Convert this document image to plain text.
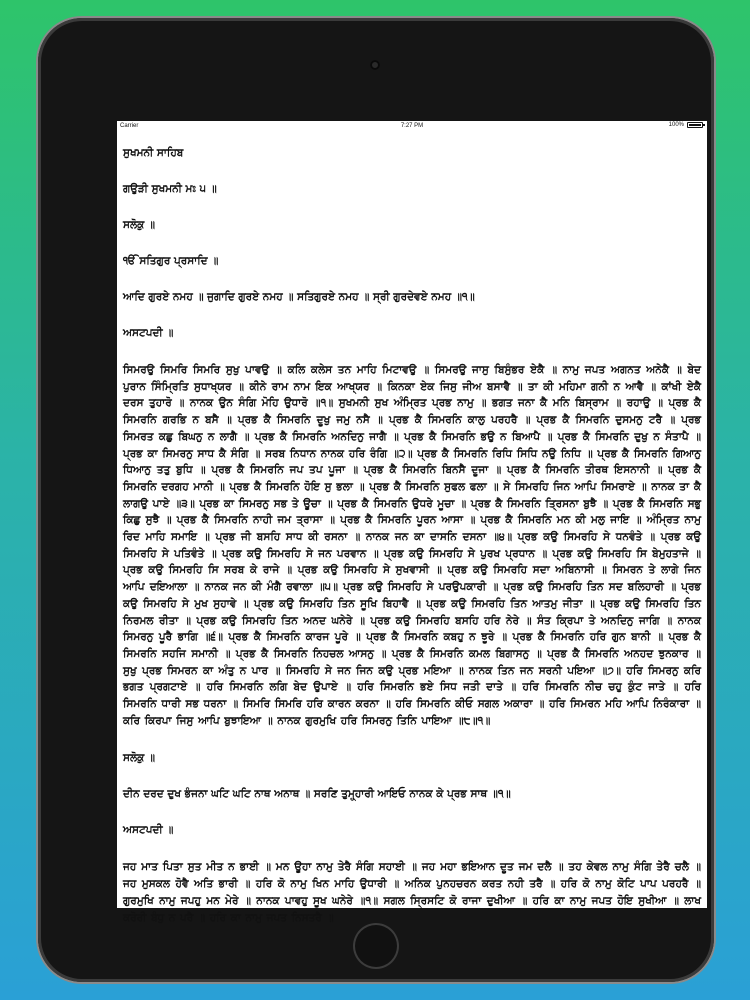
Carrier	7:27 PM	100%
ਸੁਖਮਨੀ ਸਾਹਿਬ
ਗਉੜੀ ਸੁਖਮਨੀ ਮਃ ੫ ॥
ਸਲੋਕੁ ॥
ੴ ਸਤਿਗੁਰ ਪ੍ਰਸਾਦਿ ॥
ਆਦਿ ਗੁਰਏ ਨਮਹ ॥ ਜੁਗਾਦਿ ਗੁਰਏ ਨਮਹ ॥ ਸਤਿਗੁਰਏ ਨਮਹ ॥ ਸ੍ਰੀ ਗੁਰਦੇਵਏ ਨਮਹ ॥੧॥
ਅਸਟਪਦੀ ॥
ਸਿਮਰਉ ਸਿਮਰਿ ਸਿਮਰਿ ਸੁਖੁ ਪਾਵਉ ॥ ਕਲਿ ਕਲੇਸ ਤਨ ਮਾਹਿ ਮਿਟਾਵਉ ॥ ਸਿਮਰਉ ਜਾਸੁ ਬਿਸੁੰਭਰ ਏਕੈ ॥ ਨਾਮੁ ਜਪਤ ਅਗਨਤ ਅਨੇਕੈ ॥ ਬੇਦ ਪੁਰਾਨ ਸਿੰਮ੍ਰਿਤਿ ਸੁਧਾਖ੍ਯਰ ॥ ਕੀਨੇ ਰਾਮ ਨਾਮ ਇਕ ਆਖ੍ਯਰ ॥ ਕਿਨਕਾ ਏਕ ਜਿਸੁ ਜੀਅ ਬਸਾਵੈ ॥ ਤਾ ਕੀ ਮਹਿਮਾ ਗਨੀ ਨ ਆਵੈ ॥ ਕਾਂਖੀ ਏਕੈ ਦਰਸ ਤੁਹਾਰੋ ॥ ਨਾਨਕ ਉਨ ਸੰਗਿ ਮੋਹਿ ਉਧਾਰੋ ॥੧॥ ਸੁਖਮਨੀ ਸੁਖ ਅੰਮ੍ਰਿਤ ਪ੍ਰਭ ਨਾਮੁ ॥ ਭਗਤ ਜਨਾ ਕੈ ਮਨਿ ਬਿਸ੍ਰਾਮ ॥ ਰਹਾਉ ॥ ਪ੍ਰਭ ਕੈ ਸਿਮਰਨਿ ਗਰਭਿ ਨ ਬਸੈ ॥ ਪ੍ਰਭ ਕੈ ਸਿਮਰਨਿ ਦੂਖੁ ਜਮੁ ਨਸੈ ॥ ਪ੍ਰਭ ਕੈ ਸਿਮਰਨਿ ਕਾਲੁ ਪਰਹਰੈ ॥ ਪ੍ਰਭ ਕੈ ਸਿਮਰਨਿ ਦੁਸਮਨੁ ਟਰੈ ॥ ਪ੍ਰਭ ਸਿਮਰਤ ਕਛੁ ਬਿਘਨੁ ਨ ਲਾਗੈ ॥ ਪ੍ਰਭ ਕੈ ਸਿਮਰਨਿ ਅਨਦਿਨੁ ਜਾਗੈ ॥ ਪ੍ਰਭ ਕੈ ਸਿਮਰਨਿ ਭਉ ਨ ਬਿਆਪੈ ॥ ਪ੍ਰਭ ਕੈ ਸਿਮਰਨਿ ਦੁਖੁ ਨ ਸੰਤਾਪੈ ॥ ਪ੍ਰਭ ਕਾ ਸਿਮਰਨੁ ਸਾਧ ਕੈ ਸੰਗਿ ॥ ਸਰਬ ਨਿਧਾਨ ਨਾਨਕ ਹਰਿ ਰੰਗਿ ॥੨॥ ਪ੍ਰਭ ਕੈ ਸਿਮਰਨਿ ਰਿਧਿ ਸਿਧਿ ਨਉ ਨਿਧਿ ॥ ਪ੍ਰਭ ਕੈ ਸਿਮਰਨਿ ਗਿਆਨੁ ਧਿਆਨੁ ਤਤੁ ਬੁਧਿ ॥ ਪ੍ਰਭ ਕੈ ਸਿਮਰਨਿ ਜਪ ਤਪ ਪੂਜਾ ॥ ਪ੍ਰਭ ਕੈ ਸਿਮਰਨਿ ਬਿਨਸੈ ਦੂਜਾ ॥ ਪ੍ਰਭ ਕੈ ਸਿਮਰਨਿ ਤੀਰਥ ਇਸਨਾਨੀ ॥ ਪ੍ਰਭ ਕੈ ਸਿਮਰਨਿ ਦਰਗਹ ਮਾਨੀ ॥ ਪ੍ਰਭ ਕੈ ਸਿਮਰਨਿ ਹੋਇ ਸੁ ਭਲਾ ॥ ਪ੍ਰਭ ਕੈ ਸਿਮਰਨਿ ਸੁਫਲ ਫਲਾ ॥ ਸੇ ਸਿਮਰਹਿ ਜਿਨ ਆਪਿ ਸਿਮਰਾਏ ॥ ਨਾਨਕ ਤਾ ਕੈ ਲਾਗਉ ਪਾਏ ॥੩॥ ਪ੍ਰਭ ਕਾ ਸਿਮਰਨੁ ਸਭ ਤੇ ਊਚਾ ॥ ਪ੍ਰਭ ਕੈ ਸਿਮਰਨਿ ਉਧਰੇ ਮੂਚਾ ॥ ਪ੍ਰਭ ਕੈ ਸਿਮਰਨਿ ਤ੍ਰਿਸਨਾ ਬੁਝੈ ॥ ਪ੍ਰਭ ਕੈ ਸਿਮਰਨਿ ਸਭੁ ਕਿਛੁ ਸੁਝੈ ॥ ਪ੍ਰਭ ਕੈ ਸਿਮਰਨਿ ਨਾਹੀ ਜਮ ਤ੍ਰਾਸਾ ॥ ਪ੍ਰਭ ਕੈ ਸਿਮਰਨਿ ਪੂਰਨ ਆਸਾ ॥ ਪ੍ਰਭ ਕੈ ਸਿਮਰਨਿ ਮਨ ਕੀ ਮਲੁ ਜਾਇ ॥ ਅੰਮ੍ਰਿਤ ਨਾਮੁ ਰਿਦ ਮਾਹਿ ਸਮਾਇ ॥ ਪ੍ਰਭ ਜੀ ਬਸਹਿ ਸਾਧ ਕੀ ਰਸਨਾ ॥ ਨਾਨਕ ਜਨ ਕਾ ਦਾਸਨਿ ਦਸਨਾ ॥੪॥ ਪ੍ਰਭ ਕਉ ਸਿਮਰਹਿ ਸੇ ਧਨਵੰਤੇ ॥ ਪ੍ਰਭ ਕਉ ਸਿਮਰਹਿ ਸੇ ਪਤਿਵੰਤੇ ॥ ਪ੍ਰਭ ਕਉ ਸਿਮਰਹਿ ਸੇ ਜਨ ਪਰਵਾਨ ॥ ਪ੍ਰਭ ਕਉ ਸਿਮਰਹਿ ਸੇ ਪੁਰਖ ਪ੍ਰਧਾਨ ॥ ਪ੍ਰਭ ਕਉ ਸਿਮਰਹਿ ਸਿ ਬੇਮੁਹਤਾਜੇ ॥ ਪ੍ਰਭ ਕਉ ਸਿਮਰਹਿ ਸਿ ਸਰਬ ਕੇ ਰਾਜੇ ॥ ਪ੍ਰਭ ਕਉ ਸਿਮਰਹਿ ਸੇ ਸੁਖਵਾਸੀ ॥ ਪ੍ਰਭ ਕਉ ਸਿਮਰਹਿ ਸਦਾ ਅਬਿਨਾਸੀ ॥ ਸਿਮਰਨ ਤੇ ਲਾਗੇ ਜਿਨ ਆਪਿ ਦਇਆਲਾ ॥ ਨਾਨਕ ਜਨ ਕੀ ਮੰਗੈ ਰਵਾਲਾ ॥੫॥ ਪ੍ਰਭ ਕਉ ਸਿਮਰਹਿ ਸੇ ਪਰਉਪਕਾਰੀ ॥ ਪ੍ਰਭ ਕਉ ਸਿਮਰਹਿ ਤਿਨ ਸਦ ਬਲਿਹਾਰੀ ॥ ਪ੍ਰਭ ਕਉ ਸਿਮਰਹਿ ਸੇ ਮੁਖ ਸੁਹਾਵੇ ॥ ਪ੍ਰਭ ਕਉ ਸਿਮਰਹਿ ਤਿਨ ਸੂਖਿ ਬਿਹਾਵੈ ॥ ਪ੍ਰਭ ਕਉ ਸਿਮਰਹਿ ਤਿਨ ਆਤਮੁ ਜੀਤਾ ॥ ਪ੍ਰਭ ਕਉ ਸਿਮਰਹਿ ਤਿਨ ਨਿਰਮਲ ਰੀਤਾ ॥ ਪ੍ਰਭ ਕਉ ਸਿਮਰਹਿ ਤਿਨ ਅਨਦ ਘਨੇਰੇ ॥ ਪ੍ਰਭ ਕਉ ਸਿਮਰਹਿ ਬਸਹਿ ਹਰਿ ਨੇਰੇ ॥ ਸੰਤ ਕ੍ਰਿਪਾ ਤੇ ਅਨਦਿਨੁ ਜਾਗਿ ॥ ਨਾਨਕ ਸਿਮਰਨੁ ਪੂਰੈ ਭਾਗਿ ॥੬॥ ਪ੍ਰਭ ਕੈ ਸਿਮਰਨਿ ਕਾਰਜ ਪੂਰੇ ॥ ਪ੍ਰਭ ਕੈ ਸਿਮਰਨਿ ਕਬਹੁ ਨ ਝੂਰੇ ॥ ਪ੍ਰਭ ਕੈ ਸਿਮਰਨਿ ਹਰਿ ਗੁਨ ਬਾਨੀ ॥ ਪ੍ਰਭ ਕੈ ਸਿਮਰਨਿ ਸਹਜਿ ਸਮਾਨੀ ॥ ਪ੍ਰਭ ਕੈ ਸਿਮਰਨਿ ਨਿਹਚਲ ਆਸਨੁ ॥ ਪ੍ਰਭ ਕੈ ਸਿਮਰਨਿ ਕਮਲ ਬਿਗਾਸਨੁ ॥ ਪ੍ਰਭ ਕੈ ਸਿਮਰਨਿ ਅਨਹਦ ਝੁਨਕਾਰ ॥ ਸੁਖੁ ਪ੍ਰਭ ਸਿਮਰਨ ਕਾ ਅੰਤੁ ਨ ਪਾਰ ॥ ਸਿਮਰਹਿ ਸੇ ਜਨ ਜਿਨ ਕਉ ਪ੍ਰਭ ਮਇਆ ॥ ਨਾਨਕ ਤਿਨ ਜਨ ਸਰਨੀ ਪਇਆ ॥੭॥ ਹਰਿ ਸਿਮਰਨੁ ਕਰਿ ਭਗਤ ਪ੍ਰਗਟਾਏ ॥ ਹਰਿ ਸਿਮਰਨਿ ਲਗਿ ਬੇਦ ਉਪਾਏ ॥ ਹਰਿ ਸਿਮਰਨਿ ਭਏ ਸਿਧ ਜਤੀ ਦਾਤੇ ॥ ਹਰਿ ਸਿਮਰਨਿ ਨੀਚ ਚਹੁ ਕੁੰਟ ਜਾਤੇ ॥ ਹਰਿ ਸਿਮਰਨਿ ਧਾਰੀ ਸਭ ਧਰਨਾ ॥ ਸਿਮਰਿ ਸਿਮਰਿ ਹਰਿ ਕਾਰਨ ਕਰਨਾ ॥ ਹਰਿ ਸਿਮਰਨਿ ਕੀਓ ਸਗਲ ਅਕਾਰਾ ॥ ਹਰਿ ਸਿਮਰਨ ਮਹਿ ਆਪਿ ਨਿਰੰਕਾਰਾ ॥ ਕਰਿ ਕਿਰਪਾ ਜਿਸੁ ਆਪਿ ਬੁਝਾਇਆ ॥ ਨਾਨਕ ਗੁਰਮੁਖਿ ਹਰਿ ਸਿਮਰਨੁ ਤਿਨਿ ਪਾਇਆ ॥੮॥੧॥
ਸਲੋਕੁ ॥
ਦੀਨ ਦਰਦ ਦੁਖ ਭੰਜਨਾ ਘਟਿ ਘਟਿ ਨਾਥ ਅਨਾਥ ॥ ਸਰਣਿ ਤੁਮ੍ਹ੍ਹਾਰੀ ਆਇਓ ਨਾਨਕ ਕੇ ਪ੍ਰਭ ਸਾਥ ॥੧॥
ਅਸਟਪਦੀ ॥
ਜਹ ਮਾਤ ਪਿਤਾ ਸੁਤ ਮੀਤ ਨ ਭਾਈ ॥ ਮਨ ਊਹਾ ਨਾਮੁ ਤੇਰੈ ਸੰਗਿ ਸਹਾਈ ॥ ਜਹ ਮਹਾ ਭਇਆਨ ਦੂਤ ਜਮ ਦਲੈ ॥ ਤਹ ਕੇਵਲ ਨਾਮੁ ਸੰਗਿ ਤੇਰੈ ਚਲੈ ॥ ਜਹ ਮੁਸਕਲ ਹੋਵੈ ਅਤਿ ਭਾਰੀ ॥ ਹਰਿ ਕੋ ਨਾਮੁ ਖਿਨ ਮਾਹਿ ਉਧਾਰੀ ॥ ਅਨਿਕ ਪੁਨਹਚਰਨ ਕਰਤ ਨਹੀ ਤਰੈ ॥ ਹਰਿ ਕੋ ਨਾਮੁ ਕੋਟਿ ਪਾਪ ਪਰਹਰੈ ॥ ਗੁਰਮੁਖਿ ਨਾਮੁ ਜਪਹੁ ਮਨ ਮੇਰੇ ॥ ਨਾਨਕ ਪਾਵਹੁ ਸੂਖ ਘਨੇਰੇ ॥੧॥ ਸਗਲ ਸ੍ਰਿਸਟਿ ਕੋ ਰਾਜਾ ਦੁਖੀਆ ॥ ਹਰਿ ਕਾ ਨਾਮੁ ਜਪਤ ਹੋਇ ਸੁਖੀਆ ॥ ਲਾਖ ਕਰੋਰੀ ਬੰਧੁ ਨ ਪਰੈ ॥ ਹਰਿ ਕਾ ਨਾਮੁ ਜਪਤ ਨਿਸਤਰੈ ॥
